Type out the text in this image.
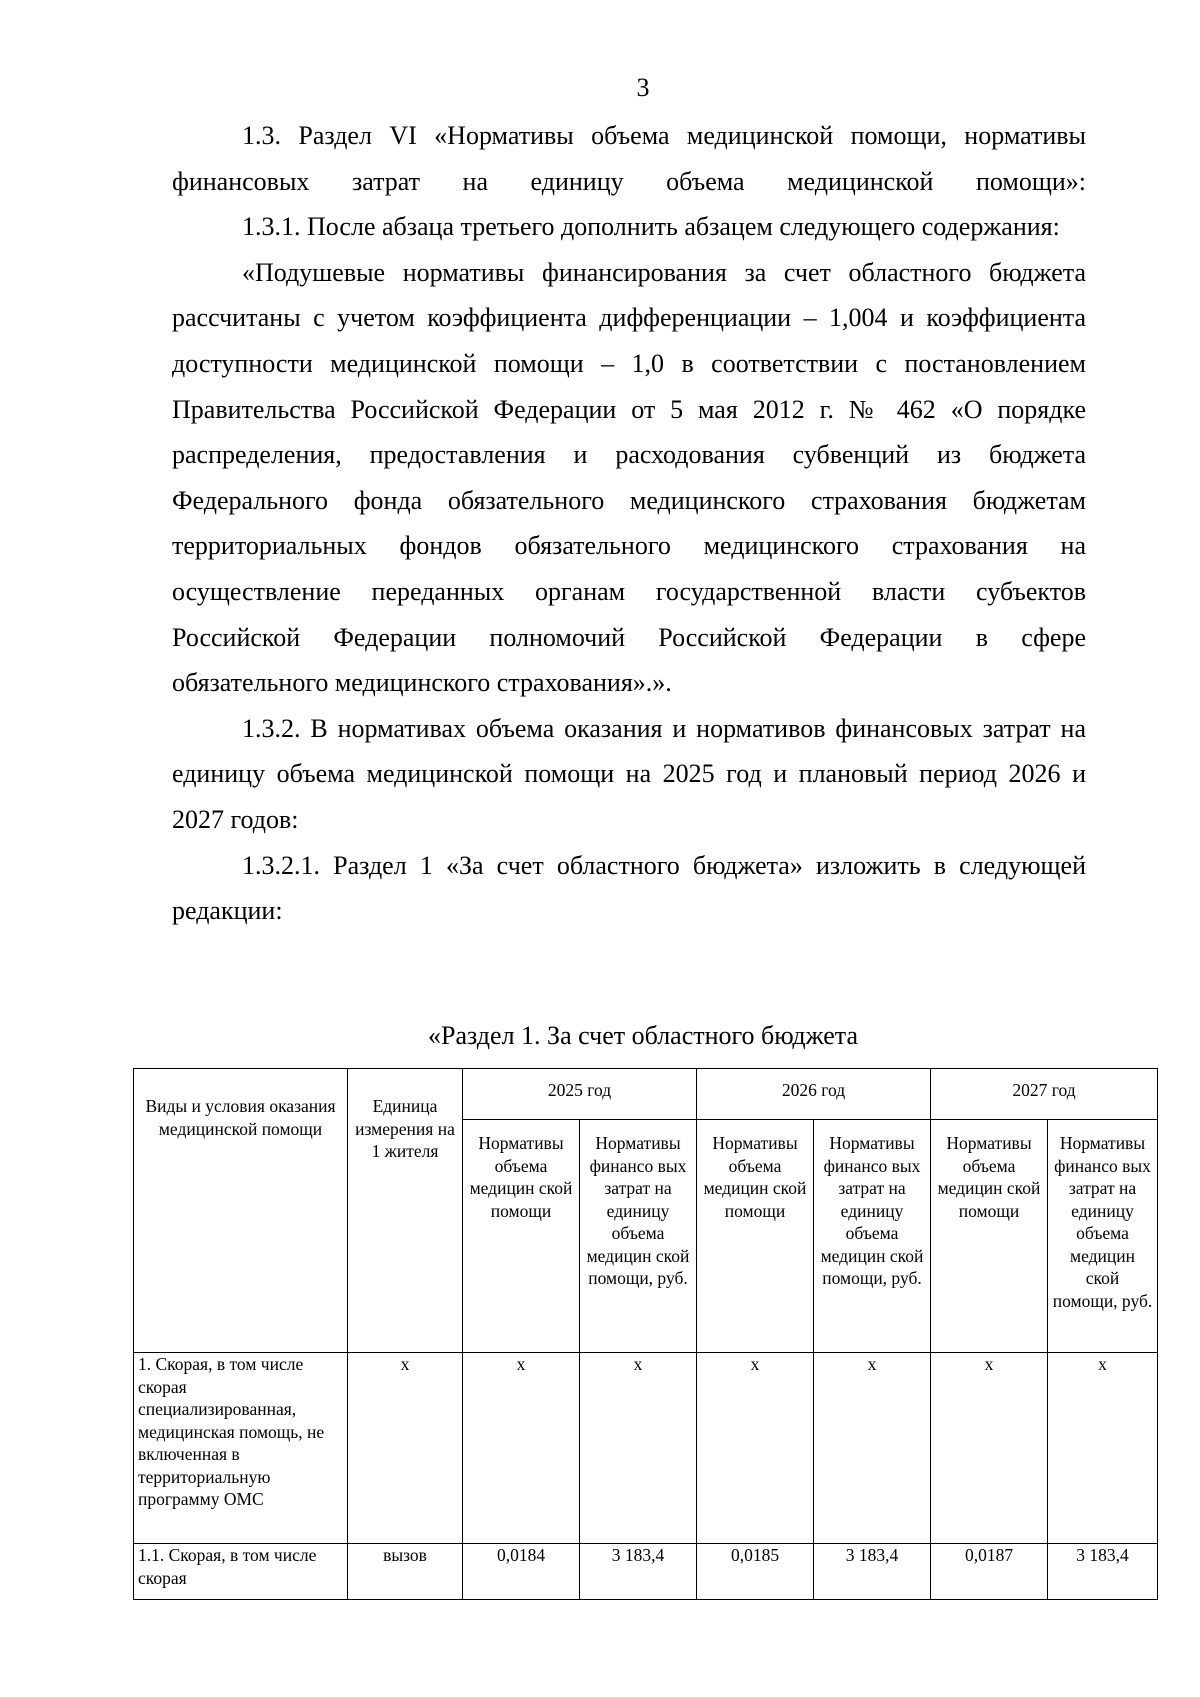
3

1.3. Раздел VI «Нормативы объема медицинской помощи, нормативы финансовых затрат на единицу объема медицинской помощи»:

1.3.1. После абзаца третьего дополнить абзацем следующего содержания:

«Подушевые нормативы финансирования за счет областного бюджета рассчитаны с учетом коэффициента дифференциации – 1,004 и коэффициента доступности медицинской помощи – 1,0 в соответствии с постановлением Правительства Российской Федерации от 5 мая 2012 г. № 462 «О порядке распределения, предоставления и расходования субвенций из бюджета Федерального фонда обязательного медицинского страхования бюджетам территориальных фондов обязательного медицинского страхования на осуществление переданных органам государственной власти субъектов Российской Федерации полномочий Российской Федерации в сфере обязательного медицинского страхования».».

1.3.2. В нормативах объема оказания и нормативов финансовых затрат на единицу объема медицинской помощи на 2025 год и плановый период 2026 и 2027 годов:

1.3.2.1. Раздел 1 «За счет областного бюджета» изложить в следующей редакции:

«Раздел 1. За счет областного бюджета
Виды и условия оказания медицинской помощи	Единица измерения на 1 жителя	2025 год		2026 год		2027 год	
		Нормативы объема медицин ской помощи	Нормативы финансо вых затрат на единицу объема медицин ской помощи, руб.	Нормативы объема медицин ской помощи	Нормативы финансо вых затрат на единицу объема медицин ской помощи, руб.	Нормативы объема медицин ской помощи	Нормативы финансо вых затрат на единицу объема медицин ской помощи, руб.
1. Скорая, в том числе скорая специализированная, медицинская помощь, не включенная в территориальную программу ОМС	х	х	х	х	х	х	х
1.1. Скорая, в том числе скорая	вызов	0,0184	3 183,4	0,0185	3 183,4	0,0187	3 183,4
